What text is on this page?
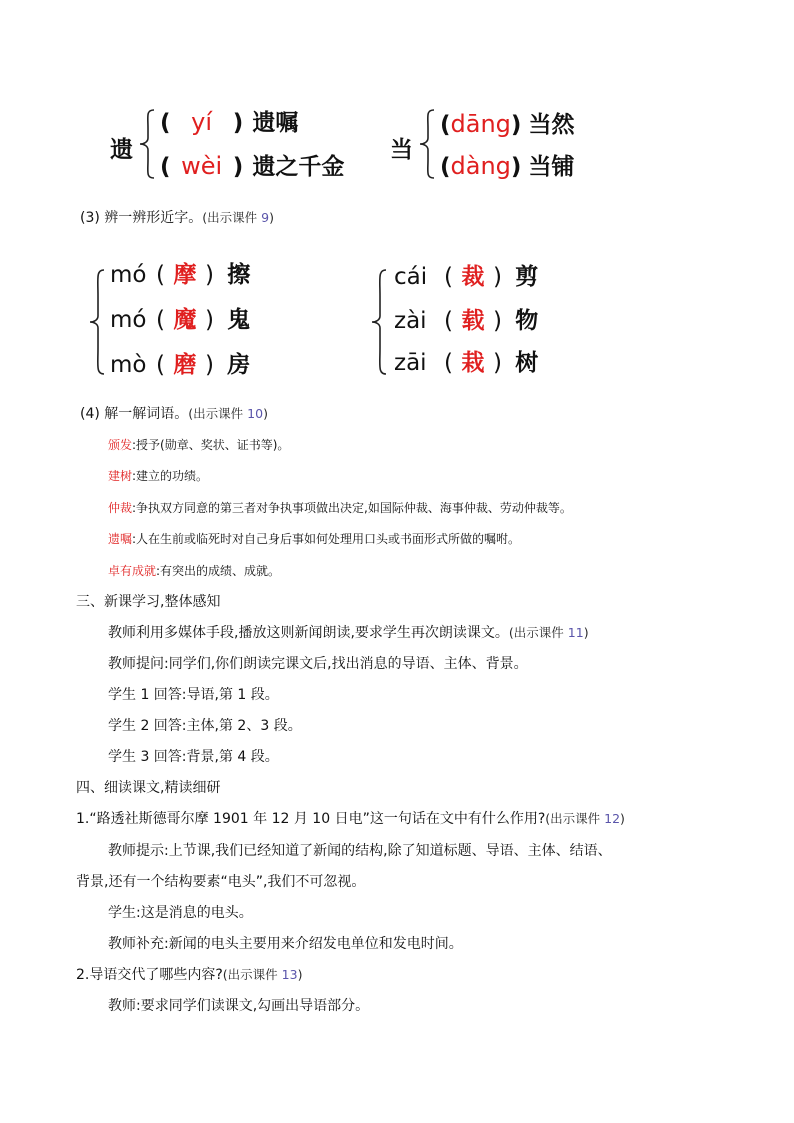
遗
( yí ) 遗嘱
( wèi ) 遗之千金
当
(dāng) 当然
(dàng) 当铺
(3) 辨一辨形近字。(出示课件 9)
mó ( 摩 ) 擦
mó ( 魔 ) 鬼
mò ( 磨 ) 房
cái ( 裁 ) 剪
zài ( 载 ) 物
zāi ( 栽 ) 树
(4) 解一解词语。(出示课件 10)
颁发:授予(勋章、奖状、证书等)。
建树:建立的功绩。
仲裁:争执双方同意的第三者对争执事项做出决定,如国际仲裁、海事仲裁、劳动仲裁等。
遗嘱:人在生前或临死时对自己身后事如何处理用口头或书面形式所做的嘱咐。
卓有成就:有突出的成绩、成就。
三、新课学习,整体感知
教师利用多媒体手段,播放这则新闻朗读,要求学生再次朗读课文。(出示课件 11)
教师提问:同学们,你们朗读完课文后,找出消息的导语、主体、背景。
学生 1 回答:导语,第 1 段。
学生 2 回答:主体,第 2、3 段。
学生 3 回答:背景,第 4 段。
四、细读课文,精读细研
1.“路透社斯德哥尔摩 1901 年 12 月 10 日电”这一句话在文中有什么作用?(出示课件 12)
教师提示:上节课,我们已经知道了新闻的结构,除了知道标题、导语、主体、结语、
背景,还有一个结构要素“电头”,我们不可忽视。
学生:这是消息的电头。
教师补充:新闻的电头主要用来介绍发电单位和发电时间。
2.导语交代了哪些内容?(出示课件 13)
教师:要求同学们读课文,勾画出导语部分。
